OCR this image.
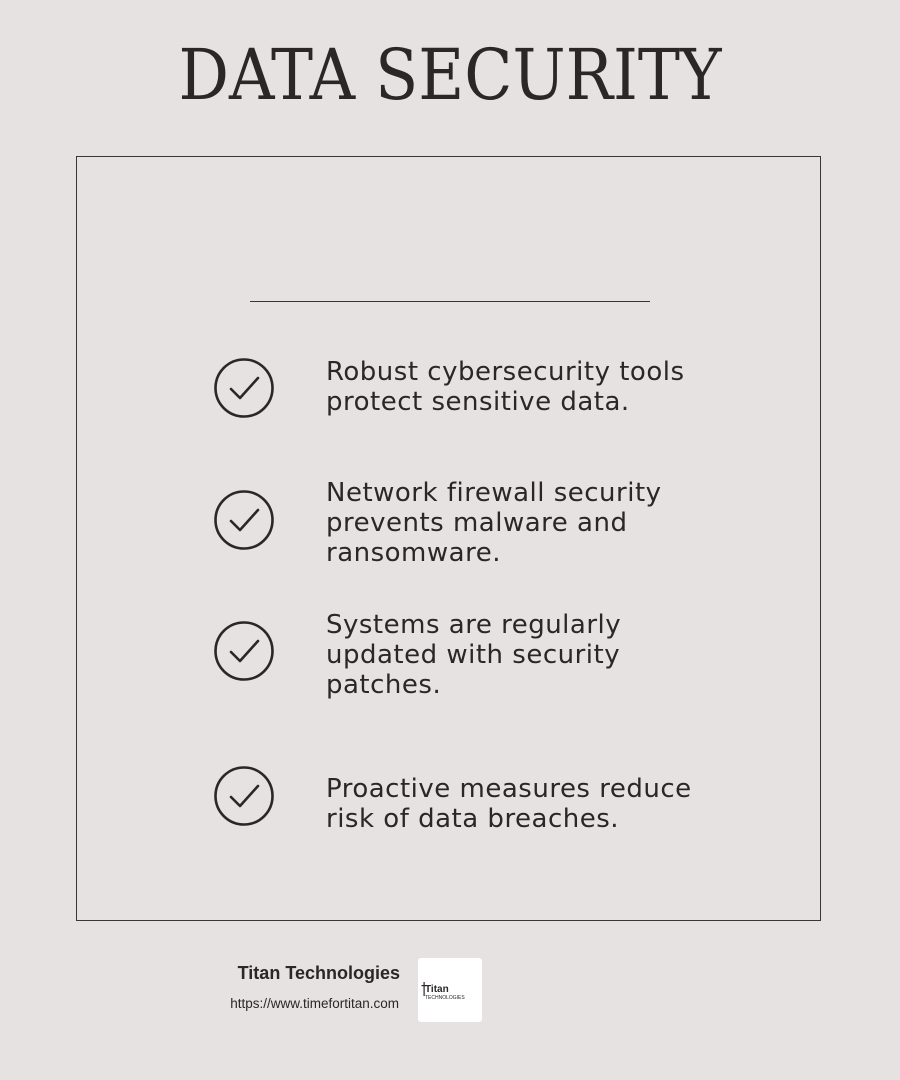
DATA SECURITY
Robust cybersecurity tools protect sensitive data.
Network firewall security prevents malware and ransomware.
Systems are regularly updated with security patches.
Proactive measures reduce risk of data breaches.
Titan Technologies
https://www.timefortitan.com
Titan
TECHNOLOGIES
